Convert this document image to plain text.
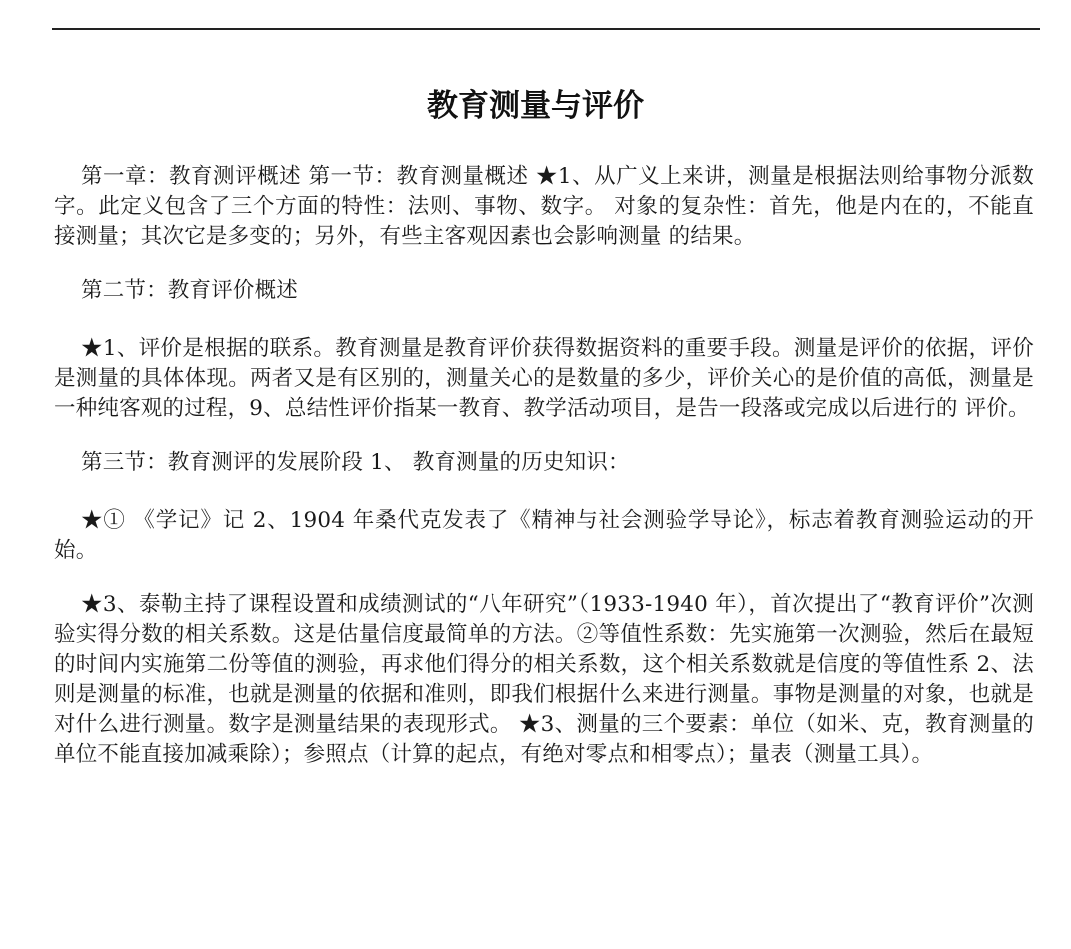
教育测量与评价

第一章：教育测评概述 第一节：教育测量概述 ★1、从广义上来讲，测量是根据法则给事物分派数字。此定义包含了三个方面的特性：法则、事物、数字。 对象的复杂性：首先，他是内在的，不能直接测量；其次它是多变的；另外，有些主客观因素也会影响测量 的结果。

第二节：教育评价概述

★1、评价是根据的联系。教育测量是教育评价获得数据资料的重要手段。测量是评价的依据，评价是测量的具体体现。两者又是有区别的，测量关心的是数量的多少，评价关心的是价值的高低，测量是一种纯客观的过程，9、总结性评价指某一教育、教学活动项目，是告一段落或完成以后进行的 评价。

第三节：教育测评的发展阶段 1、 教育测量的历史知识：

★① 《学记》记 2、1904 年桑代克发表了《精神与社会测验学导论》，标志着教育测验运动的开始。

★3、泰勒主持了课程设置和成绩测试的“八年研究”（1933-1940 年），首次提出了“教育评价”次测验实得分数的相关系数。这是估量信度最简单的方法。②等值性系数：先实施第一次测验，然后在最短的时间内实施第二份等值的测验，再求他们得分的相关系数，这个相关系数就是信度的等值性系 2、法则是测量的标准，也就是测量的依据和准则，即我们根据什么来进行测量。事物是测量的对象，也就是对什么进行测量。数字是测量结果的表现形式。 ★3、测量的三个要素：单位（如米、克，教育测量的单位不能直接加减乘除）；参照点（计算的起点，有绝对零点和相零点）；量表（测量工具）。
